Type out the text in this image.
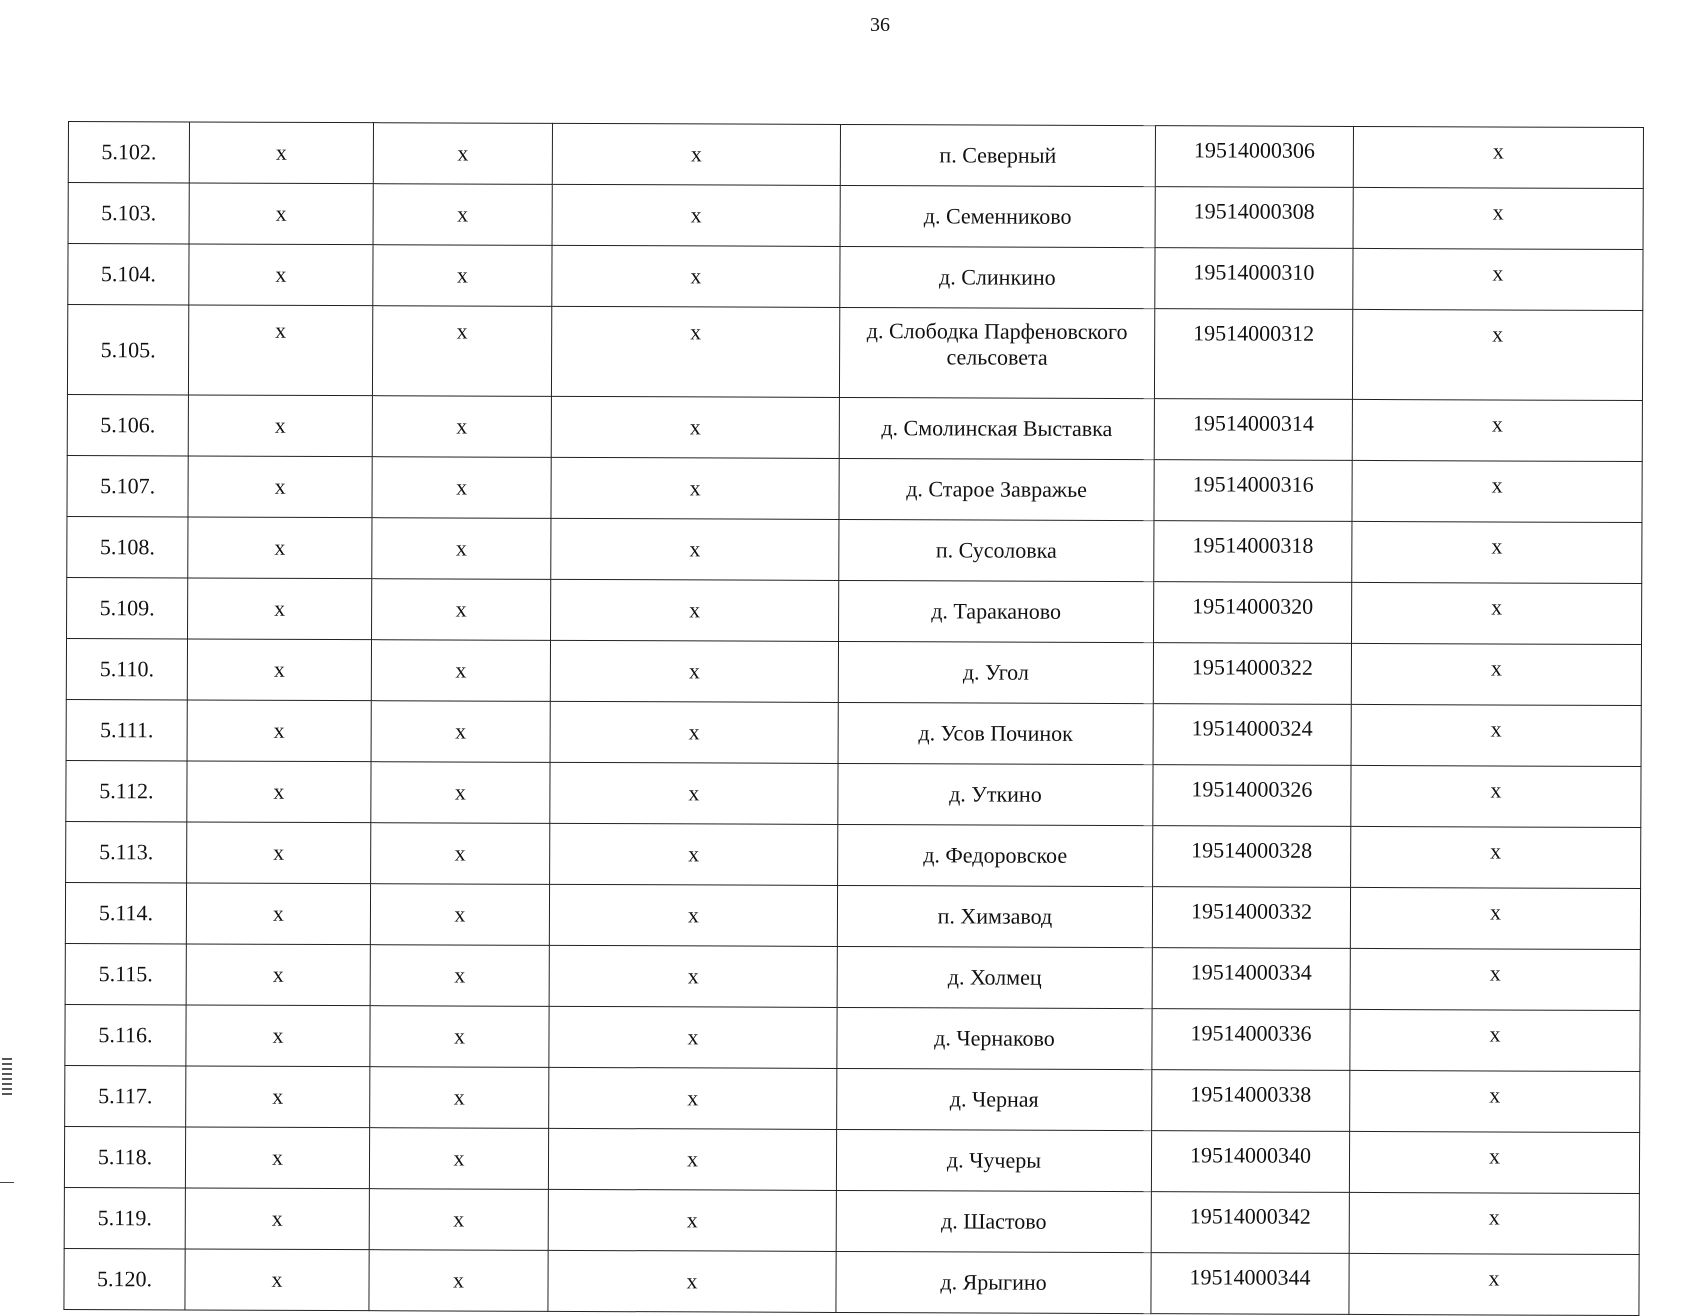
36
5.102.	x	x	x	п. Северный	19514000306	x
5.103.	x	x	x	д. Семенниково	19514000308	x
5.104.	x	x	x	д. Слинкино	19514000310	x
5.105.	x	x	x	д. Слободка Парфеновского сельсовета	19514000312	x
5.106.	x	x	x	д. Смолинская Выставка	19514000314	x
5.107.	x	x	x	д. Старое Завражье	19514000316	x
5.108.	x	x	x	п. Сусоловка	19514000318	x
5.109.	x	x	x	д. Тараканово	19514000320	x
5.110.	x	x	x	д. Угол	19514000322	x
5.111.	x	x	x	д. Усов Починок	19514000324	x
5.112.	x	x	x	д. Уткино	19514000326	x
5.113.	x	x	x	д. Федоровское	19514000328	x
5.114.	x	x	x	п. Химзавод	19514000332	x
5.115.	x	x	x	д. Холмец	19514000334	x
5.116.	x	x	x	д. Чернаково	19514000336	x
5.117.	x	x	x	д. Черная	19514000338	x
5.118.	x	x	x	д. Чучеры	19514000340	x
5.119.	x	x	x	д. Шастово	19514000342	x
5.120.	x	x	x	д. Ярыгино	19514000344	x
